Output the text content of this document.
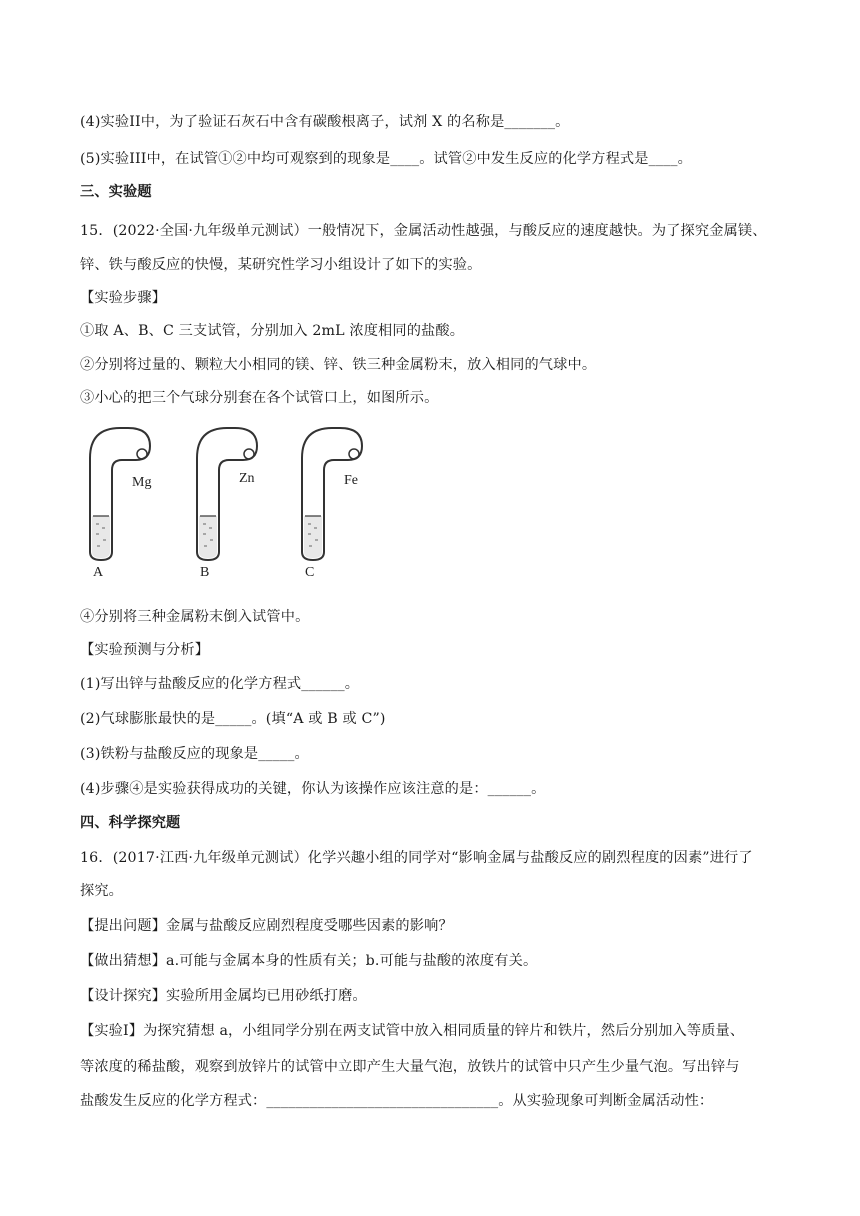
(4)实验II中，为了验证石灰石中含有碳酸根离子，试剂 X 的名称是_______。
(5)实验III中，在试管①②中均可观察到的现象是____。试管②中发生反应的化学方程式是____。
三、实验题
15．(2022·全国·九年级单元测试）一般情况下，金属活动性越强，与酸反应的速度越快。为了探究金属镁、
锌、铁与酸反应的快慢，某研究性学习小组设计了如下的实验。
【实验步骤】
①取 A、B、C 三支试管，分别加入 2mL 浓度相同的盐酸。
②分别将过量的、颗粒大小相同的镁、锌、铁三种金属粉末，放入相同的气球中。
③小心的把三个气球分别套在各个试管口上，如图所示。
Mg
A
Zn
B
Fe
C
④分别将三种金属粉末倒入试管中。
【实验预测与分析】
(1)写出锌与盐酸反应的化学方程式______。
(2)气球膨胀最快的是_____。(填“A 或 B 或 C”)
(3)铁粉与盐酸反应的现象是_____。
(4)步骤④是实验获得成功的关键，你认为该操作应该注意的是：______。
四、科学探究题
16．(2017·江西·九年级单元测试）化学兴趣小组的同学对“影响金属与盐酸反应的剧烈程度的因素”进行了
探究。
【提出问题】金属与盐酸反应剧烈程度受哪些因素的影响？
【做出猜想】a.可能与金属本身的性质有关；b.可能与盐酸的浓度有关。
【设计探究】实验所用金属均已用砂纸打磨。
【实验I】为探究猜想 a，小组同学分别在两支试管中放入相同质量的锌片和铁片，然后分别加入等质量、
等浓度的稀盐酸，观察到放锌片的试管中立即产生大量气泡，放铁片的试管中只产生少量气泡。写出锌与
盐酸发生反应的化学方程式：________________________________。从实验现象可判断金属活动性：
